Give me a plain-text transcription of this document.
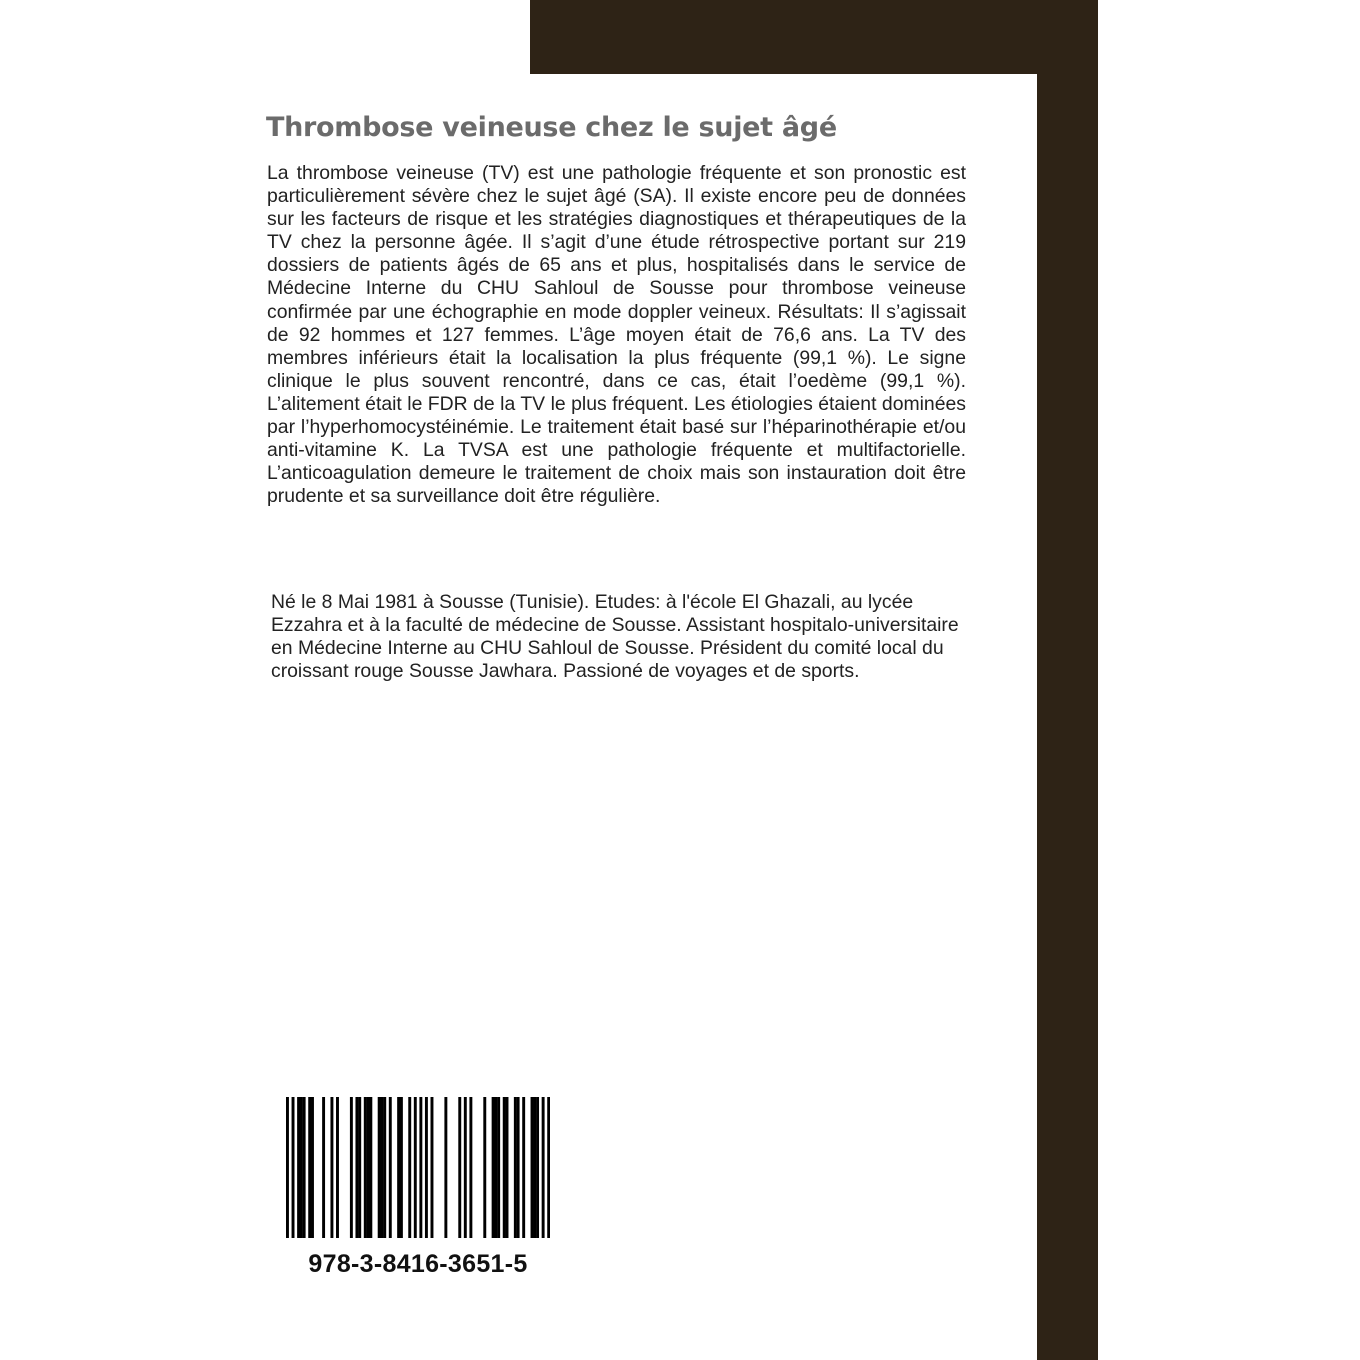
Thrombose veineuse chez le sujet âgé

La thrombose veineuse (TV) est une pathologie fréquente et son pronostic est particulièrement sévère chez le sujet âgé (SA). Il existe encore peu de données sur les facteurs de risque et les stratégies diagnostiques et thérapeutiques de la TV chez la personne âgée. Il s’agit d’une étude rétrospective portant sur 219 dossiers de patients âgés de 65 ans et plus, hospitalisés dans le service de Médecine Interne du CHU Sahloul de Sousse pour thrombose veineuse confirmée par une échographie en mode doppler veineux. Résultats: Il s’agissait de 92 hommes et 127 femmes. L’âge moyen était de 76,6 ans. La TV des membres inférieurs était la localisation la plus fréquente (99,1 %). Le signe clinique le plus souvent rencontré, dans ce cas, était l’oedème (99,1 %). L’alitement était le FDR de la TV le plus fréquent. Les étiologies étaient dominées par l’hyperhomocystéinémie. Le traitement était basé sur l’héparinothérapie et/ou anti-vitamine K. La TVSA est une pathologie fréquente et multifactorielle. L’anticoagulation demeure le traitement de choix mais son instauration doit être prudente et sa surveillance doit être régulière.

Né le 8 Mai 1981 à Sousse (Tunisie). Etudes: à l'école El Ghazali, au lycée Ezzahra et à la faculté de médecine de Sousse. Assistant hospitalo-universitaire en Médecine Interne au CHU Sahloul de Sousse. Président du comité local du croissant rouge Sousse Jawhara. Passioné de voyages et de sports.

978-3-8416-3651-5
